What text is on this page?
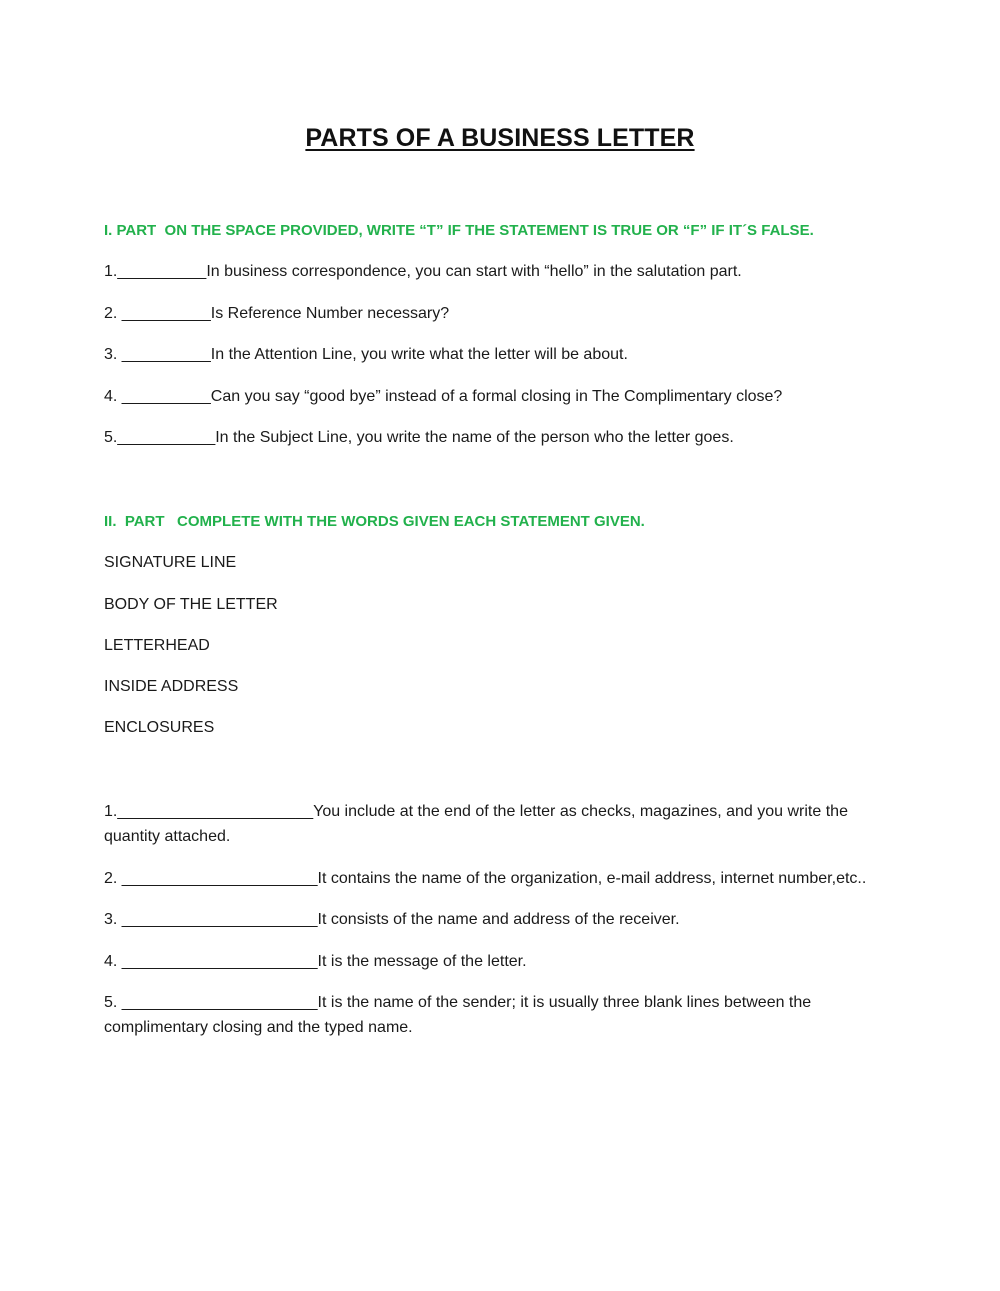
PARTS OF A BUSINESS LETTER
I. PART  ON THE SPACE PROVIDED, WRITE “T” IF THE STATEMENT IS TRUE OR “F” IF IT´S FALSE.
1.__________In business correspondence, you can start with “hello” in the salutation part.
2. __________Is Reference Number necessary?
3. __________In the Attention Line, you write what the letter will be about.
4. __________Can you say “good bye” instead of a formal closing in The Complimentary close?
5.___________In the Subject Line, you write the name of the person who the letter goes.
II.  PART   COMPLETE WITH THE WORDS GIVEN EACH STATEMENT GIVEN.
SIGNATURE LINE
BODY OF THE LETTER
LETTERHEAD
INSIDE ADDRESS
ENCLOSURES
1.______________________You include at the end of the letter as checks, magazines, and you write the quantity attached.
2. ______________________It contains the name of the organization, e-mail address, internet number,etc..
3. ______________________It consists of the name and address of the receiver.
4. ______________________It is the message of the letter.
5. ______________________It is the name of the sender; it is usually three blank lines between the complimentary closing and the typed name.
